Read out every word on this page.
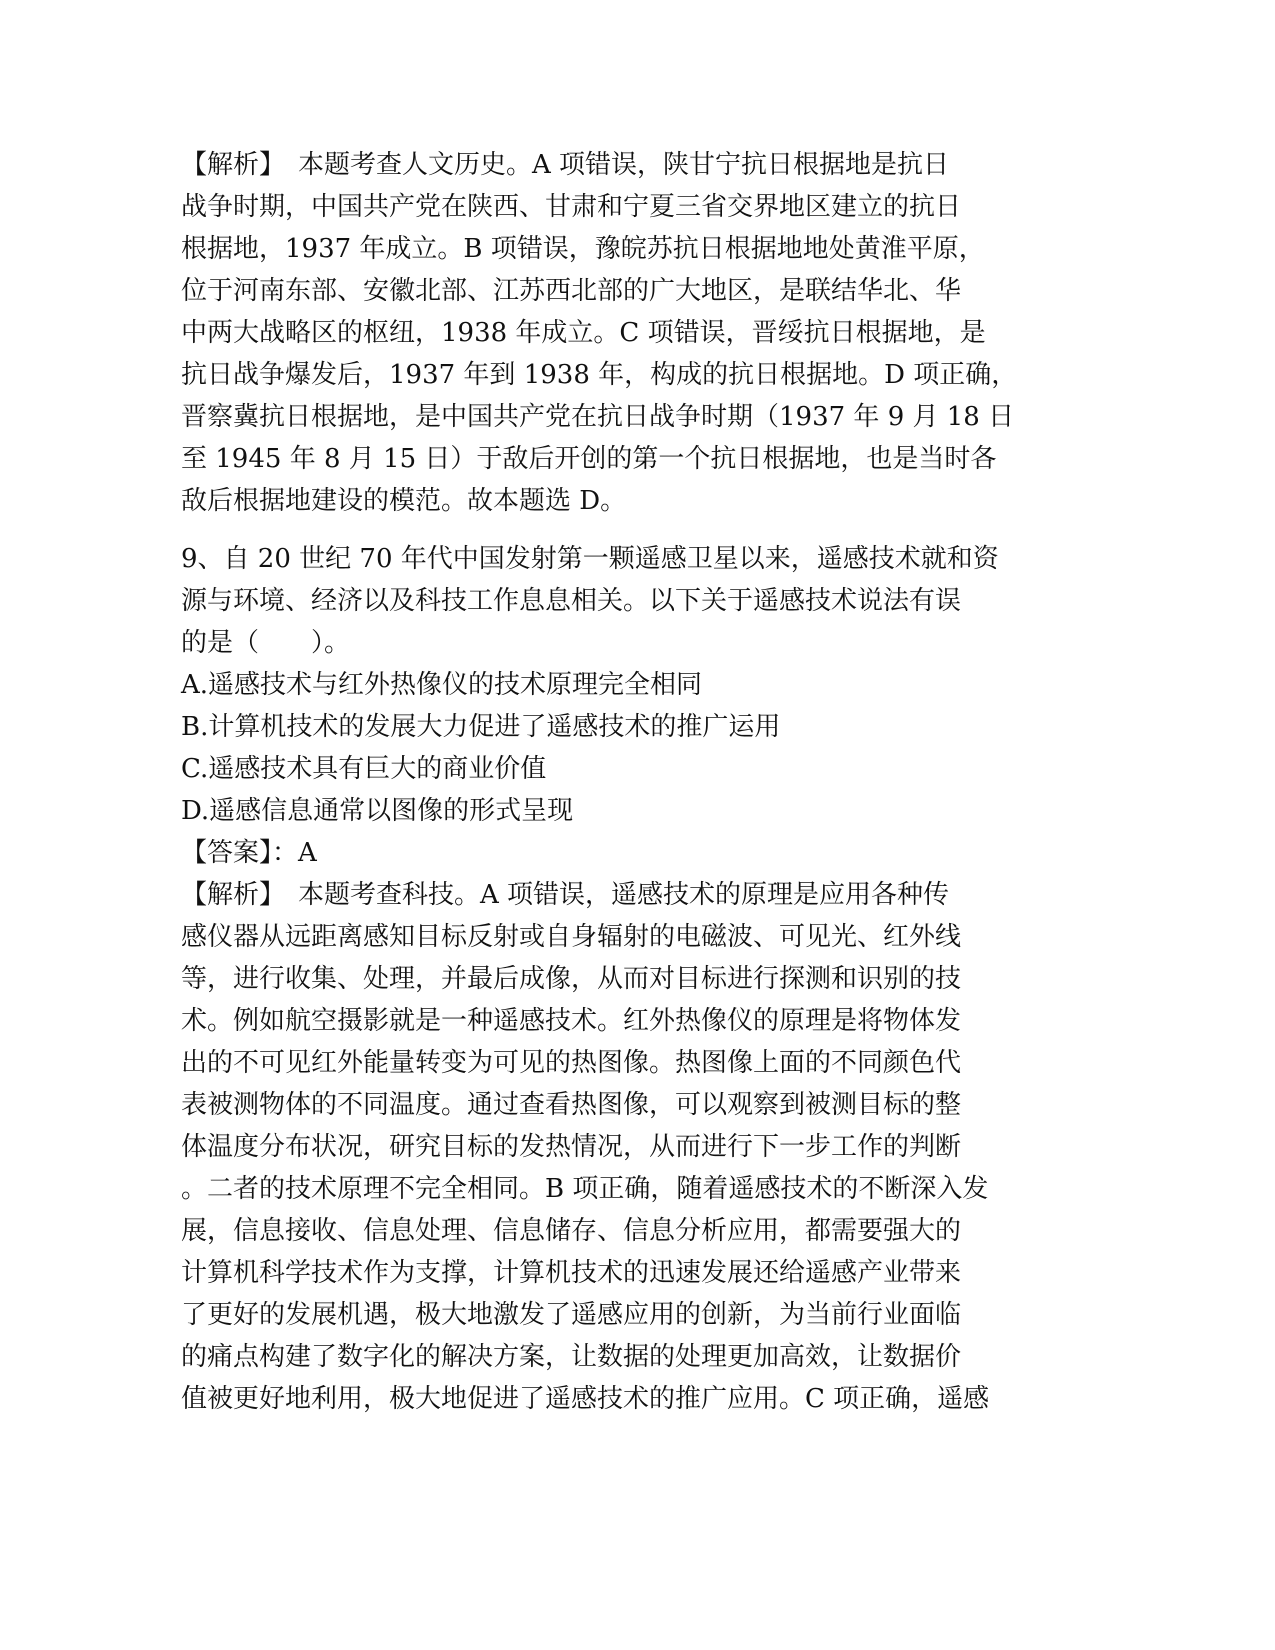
【解析】　本题考查人文历史。A 项错误，陕甘宁抗日根据地是抗日
战争时期，中国共产党在陕西、甘肃和宁夏三省交界地区建立的抗日
根据地，1937 年成立。B 项错误，豫皖苏抗日根据地地处黄淮平原，
位于河南东部、安徽北部、江苏西北部的广大地区，是联结华北、华
中两大战略区的枢纽，1938 年成立。C 项错误，晋绥抗日根据地，是
抗日战争爆发后，1937 年到 1938 年，构成的抗日根据地。D 项正确，
晋察冀抗日根据地，是中国共产党在抗日战争时期（1937 年 9 月 18 日
至 1945 年 8 月 15 日）于敌后开创的第一个抗日根据地，也是当时各
敌后根据地建设的模范。故本题选 D。
9、自 20 世纪 70 年代中国发射第一颗遥感卫星以来，遥感技术就和资
源与环境、经济以及科技工作息息相关。以下关于遥感技术说法有误
的是（　　）。
A.遥感技术与红外热像仪的技术原理完全相同
B.计算机技术的发展大力促进了遥感技术的推广运用
C.遥感技术具有巨大的商业价值
D.遥感信息通常以图像的形式呈现
【答案】：A
【解析】　本题考查科技。A 项错误，遥感技术的原理是应用各种传
感仪器从远距离感知目标反射或自身辐射的电磁波、可见光、红外线
等，进行收集、处理，并最后成像，从而对目标进行探测和识别的技
术。例如航空摄影就是一种遥感技术。红外热像仪的原理是将物体发
出的不可见红外能量转变为可见的热图像。热图像上面的不同颜色代
表被测物体的不同温度。通过查看热图像，可以观察到被测目标的整
体温度分布状况，研究目标的发热情况，从而进行下一步工作的判断
。二者的技术原理不完全相同。B 项正确，随着遥感技术的不断深入发
展，信息接收、信息处理、信息储存、信息分析应用，都需要强大的
计算机科学技术作为支撑，计算机技术的迅速发展还给遥感产业带来
了更好的发展机遇，极大地激发了遥感应用的创新，为当前行业面临
的痛点构建了数字化的解决方案，让数据的处理更加高效，让数据价
值被更好地利用，极大地促进了遥感技术的推广应用。C 项正确，遥感
